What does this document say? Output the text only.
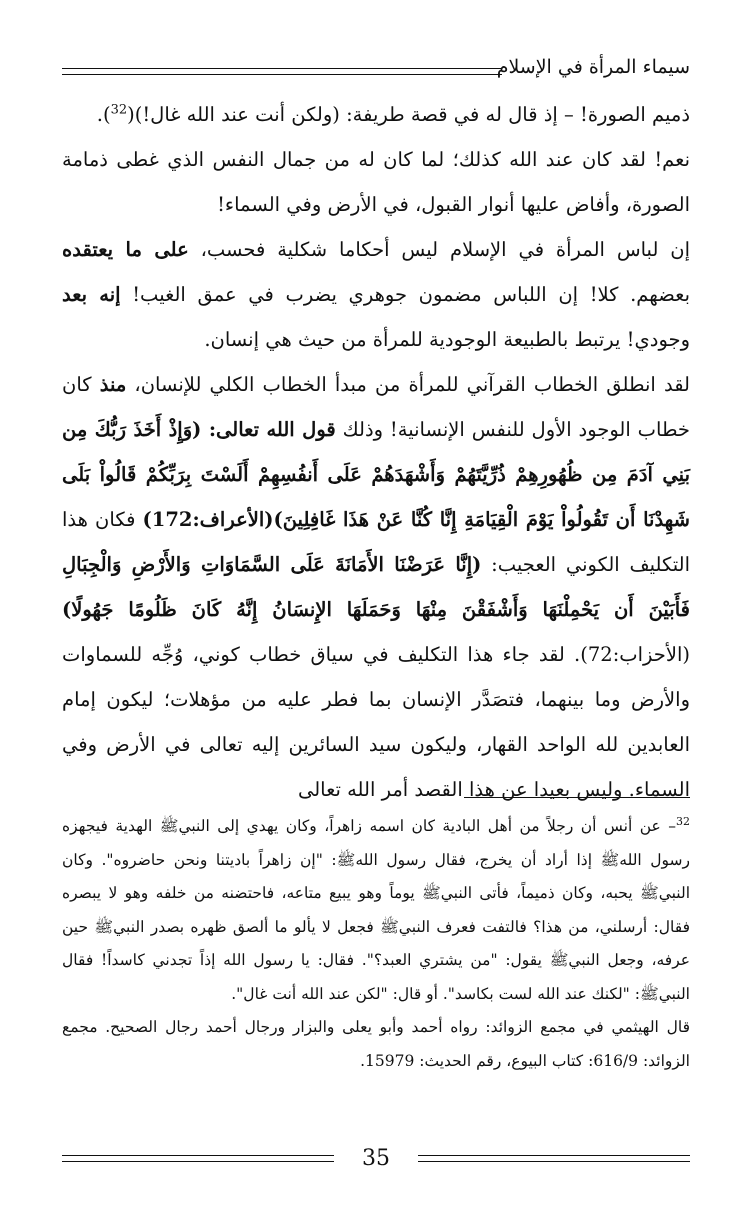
سيماء المرأة في الإسلام

ذميم الصورة! – إذ قال له في قصة طريفة: (ولكن أنت عند الله غال!)($^{32}$).

نعم! لقد كان عند الله كذلك؛ لما كان له من جمال النفس الذي غطى ذمامة الصورة، وأفاض عليها أنوار القبول، في الأرض وفي السماء!

إن لباس المرأة في الإسلام ليس أحكاما شكلية فحسب، على ما يعتقده بعضهم. كلا! إن اللباس مضمون جوهري يضرب في عمق الغيب! إنه بعد وجودي! يرتبط بالطبيعة الوجودية للمرأة من حيث هي إنسان.

لقد انطلق الخطاب القرآني للمرأة من مبدأ الخطاب الكلي للإنسان، منذ كان خطاب الوجود الأول للنفس الإنسانية! وذلك قول الله تعالى: (وَإِذْ أَخَذَ رَبُّكَ مِن بَنِي آدَمَ مِن ظُهُورِهِمْ ذُرِّيَّتَهُمْ وَأَشْهَدَهُمْ عَلَى أَنفُسِهِمْ أَلَسْتَ بِرَبِّكُمْ قَالُواْ بَلَى شَهِدْنَا أَن تَقُولُواْ يَوْمَ الْقِيَامَةِ إِنَّا كُنَّا عَنْ هَذَا غَافِلِينَ)(الأعراف:172) فكان هذا التكليف الكوني العجيب: (إِنَّا عَرَضْنَا الأَمَانَةَ عَلَى السَّمَاوَاتِ وَالأَرْضِ وَالْجِبَالِ فَأَبَيْنَ أَن يَحْمِلْنَهَا وَأَشْفَقْنَ مِنْهَا وَحَمَلَهَا الإِنسَانُ إِنَّهُ كَانَ ظَلُومًا جَهُولًا)(الأحزاب:72). لقد جاء هذا التكليف في سياق خطاب كوني، وُجِّه للسماوات والأرض وما بينهما، فتصَدَّر الإنسان بما فطر عليه من مؤهلات؛ ليكون إمام العابدين لله الواحد القهار، وليكون سيد السائرين إليه تعالى في الأرض وفي السماء. وليس بعيدا عن هذا القصد أمر الله تعالى

$^{32}$– عن أنس أن رجلاً من أهل البادية كان اسمه زاهراً، وكان يهدي إلى النبيﷺ الهدية فيجهزه رسول اللهﷺ إذا أراد أن يخرج، فقال رسول اللهﷺ: "إن زاهراً باديتنا ونحن حاضروه". وكان النبيﷺ يحبه، وكان ذميماً، فأتى النبيﷺ يوماً وهو يبيع متاعه، فاحتضنه من خلفه وهو لا يبصره فقال: أرسلني، من هذا؟ فالتفت فعرف النبيﷺ فجعل لا يألو ما ألصق ظهره بصدر النبيﷺ حين عرفه، وجعل النبيﷺ يقول: "من يشتري العبد؟". فقال: يا رسول الله إذاً تجدني كاسداً! فقال النبيﷺ: "لكنك عند الله لست بكاسد". أو قال: "لكن عند الله أنت غال".

قال الهيثمي في مجمع الزوائد: رواه أحمد وأبو يعلى والبزار ورجال أحمد رجال الصحيح. مجمع الزوائد: 616/9: كتاب البيوع، رقم الحديث: 15979.

35
